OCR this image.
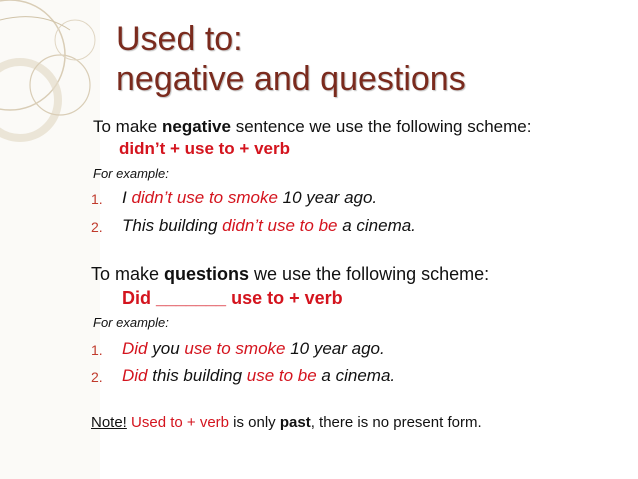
Used to:
negative and questions
To make negative sentence we use the following scheme:
didn’t + use to + verb
For example:
1. I didn’t use to smoke 10 year ago.
2. This building didn’t use to be a cinema.
To make questions we use the following scheme:
Did _______ use to + verb
For example:
1. Did you use to smoke 10 year ago.
2. Did this building use to be a cinema.
Note! Used to + verb is only past, there is no present form.
